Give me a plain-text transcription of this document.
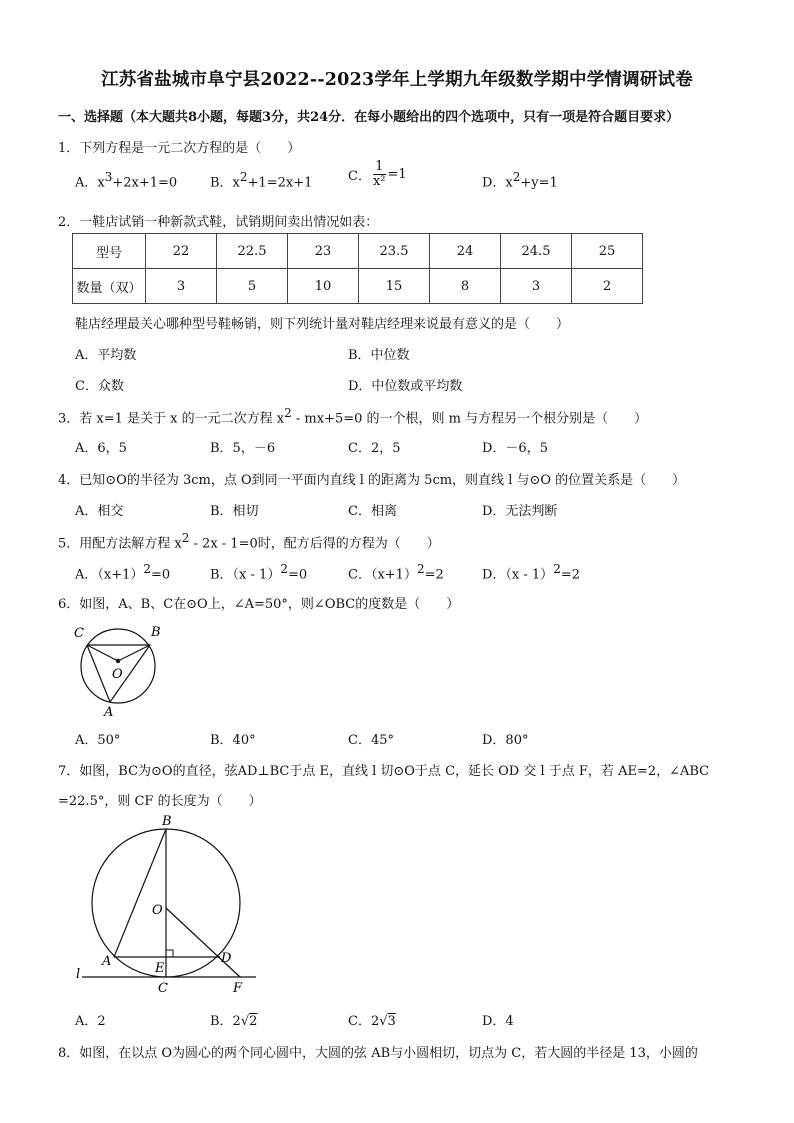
江苏省盐城市阜宁县2022--2023学年上学期九年级数学期中学情调研试卷
一、选择题（本大题共8小题，每题3分，共24分．在每小题给出的四个选项中，只有一项是符合题目要求）
1．下列方程是一元二次方程的是（　　）
A．$x^3+2x+1=0$	B．$x^2+1=2x+1$	C． $\frac{1}{\text{x²}} =1$
D．$x^2+y=1$
2．一鞋店试销一种新款式鞋，试销期间卖出情况如表：
型号	22	22.5	23	23.5	24	24.5	25
数量（双）	3	5	10	15	8	3	2
鞋店经理最关心哪种型号鞋畅销，则下列统计量对鞋店经理来说最有意义的是（　　）
A．平均数	B．中位数
C．众数	D．中位数或平均数
3．若 x=1 是关于 x 的一元二次方程 $x^2 - mx+5=0$ 的一个根，则 m 与方程另一个根分别是（　　）
A．6，5	B．5，－6	C．2，5	D．－6，5
4．已知⊙O的半径为 3cm，点 O到同一平面内直线 l 的距离为 5cm，则直线 l 与⊙O 的位置关系是（　　）
A．相交	B．相切	C．相离	D．无法判断
5．用配方法解方程 $x^2 - 2x - 1=0$时，配方后得的方程为（　　）
A．$(x+1)^2=0$	B．（x - 1）$^2$=0	C．$(x+1)^2=2$	D．（x - 1）$^2$=2
6．如图，A、B、C在⊙O上，∠A=50°，则∠OBC的度数是（　　）
C	B
O
A
A．50°	B．40°	C．45°	D．80°
7．如图，BC为⊙O的直径，弦AD⊥BC于点 E，直线 l 切⊙O于点 C，延长 OD 交 l 于点 F，若 AE=2，∠ABC
=22.5°，则 CF 的长度为（　　）
B
O
A	E
D
l
C	F
A．2	B．2√2	C．2√3	D．4
8．如图，在以点 O为圆心的两个同心圆中，大圆的弦 AB与小圆相切，切点为 C，若大圆的半径是 13，小圆的
